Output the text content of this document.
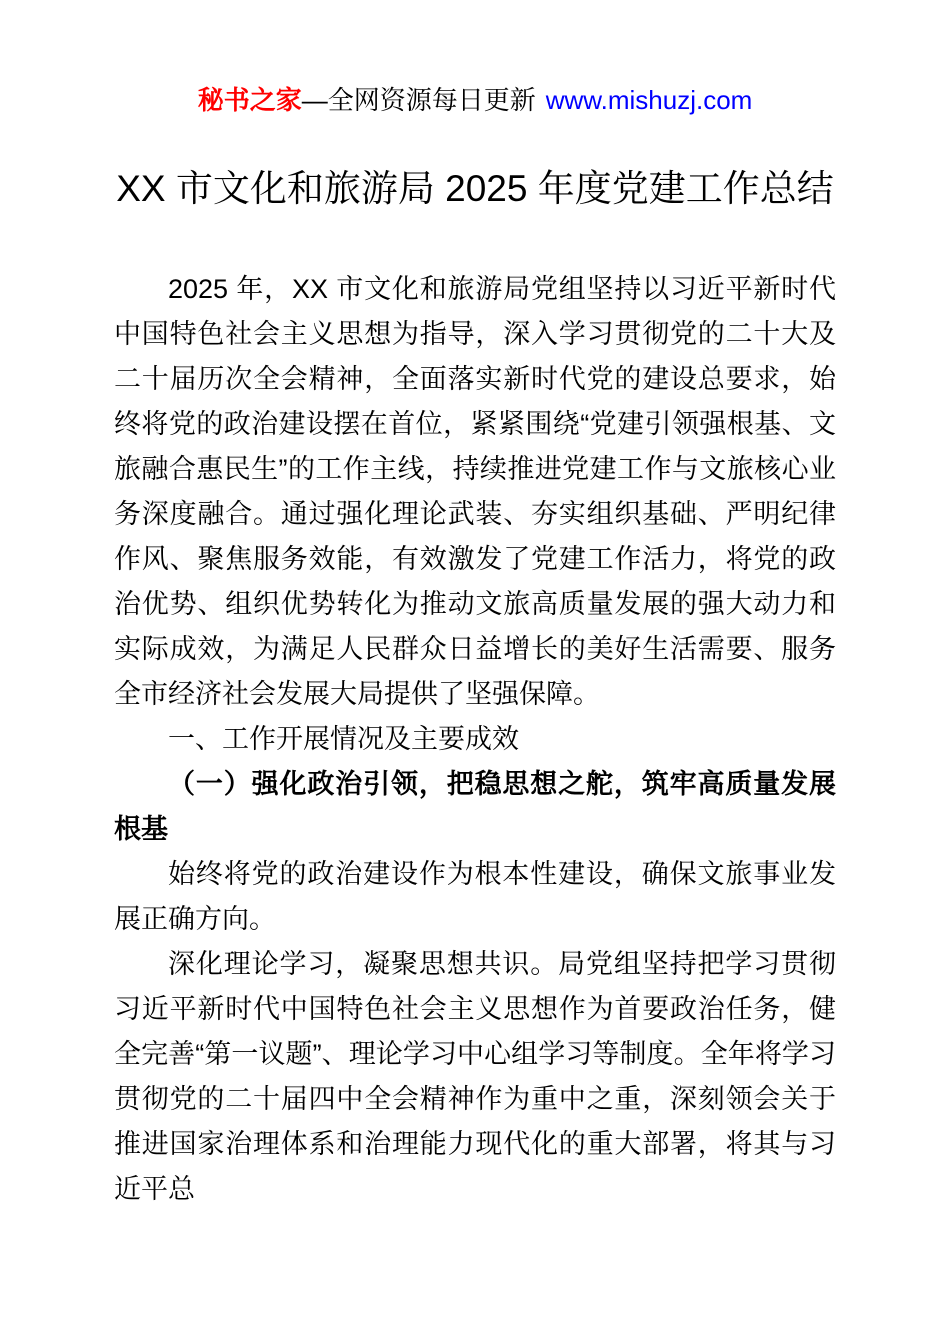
秘书之家—全网资源每日更新 www.mishuzj.com
XX 市文化和旅游局 2025 年度党建工作总结

2025 年，XX 市文化和旅游局党组坚持以习近平新时代中国特色社会主义思想为指导，深入学习贯彻党的二十大及二十届历次全会精神，全面落实新时代党的建设总要求，始终将党的政治建设摆在首位，紧紧围绕“党建引领强根基、文旅融合惠民生”的工作主线，持续推进党建工作与文旅核心业务深度融合。通过强化理论武装、夯实组织基础、严明纪律作风、聚焦服务效能，有效激发了党建工作活力，将党的政治优势、组织优势转化为推动文旅高质量发展的强大动力和实际成效，为满足人民群众日益增长的美好生活需要、服务全市经济社会发展大局提供了坚强保障。

一、工作开展情况及主要成效

（一）强化政治引领，把稳思想之舵，筑牢高质量发展根基

始终将党的政治建设作为根本性建设，确保文旅事业发展正确方向。

深化理论学习，凝聚思想共识。局党组坚持把学习贯彻习近平新时代中国特色社会主义思想作为首要政治任务，健全完善“第一议题”、理论学习中心组学习等制度。全年将学习贯彻党的二十届四中全会精神作为重中之重，深刻领会关于推进国家治理体系和治理能力现代化的重大部署，将其与习近平总
